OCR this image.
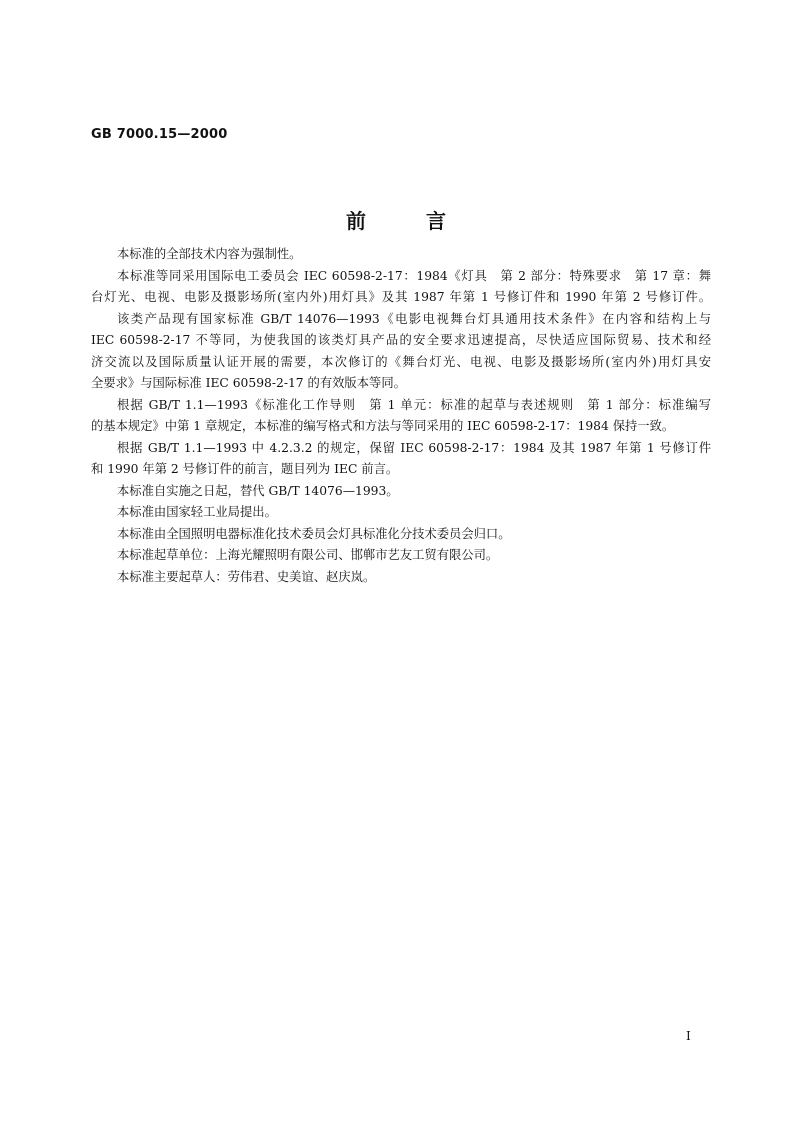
GB 7000.15—2000
前	言
本标准的全部技术内容为强制性。
本标准等同采用国际电工委员会 IEC 60598-2-17：1984《灯具　第 2 部分：特殊要求　第 17 章：舞
台灯光、电视、电影及摄影场所(室内外)用灯具》及其 1987 年第 1 号修订件和 1990 年第 2 号修订件。
该类产品现有国家标准 GB/T 14076—1993《电影电视舞台灯具通用技术条件》在内容和结构上与
IEC 60598-2-17 不等同，为使我国的该类灯具产品的安全要求迅速提高，尽快适应国际贸易、技术和经
济交流以及国际质量认证开展的需要，本次修订的《舞台灯光、电视、电影及摄影场所(室内外)用灯具安
全要求》与国际标准 IEC 60598-2-17 的有效版本等同。
根据 GB/T 1.1—1993《标准化工作导则　第 1 单元：标准的起草与表述规则　第 1 部分：标准编写
的基本规定》中第 1 章规定，本标准的编写格式和方法与等同采用的 IEC 60598-2-17：1984 保持一致。
根据 GB/T 1.1—1993 中 4.2.3.2 的规定，保留 IEC 60598-2-17：1984 及其 1987 年第 1 号修订件
和 1990 年第 2 号修订件的前言，题目列为 IEC 前言。
本标准自实施之日起，替代 GB/T 14076—1993。
本标准由国家轻工业局提出。
本标准由全国照明电器标准化技术委员会灯具标准化分技术委员会归口。
本标准起草单位：上海光耀照明有限公司、邯郸市艺友工贸有限公司。
本标准主要起草人：劳伟君、史美谊、赵庆岚。
I
